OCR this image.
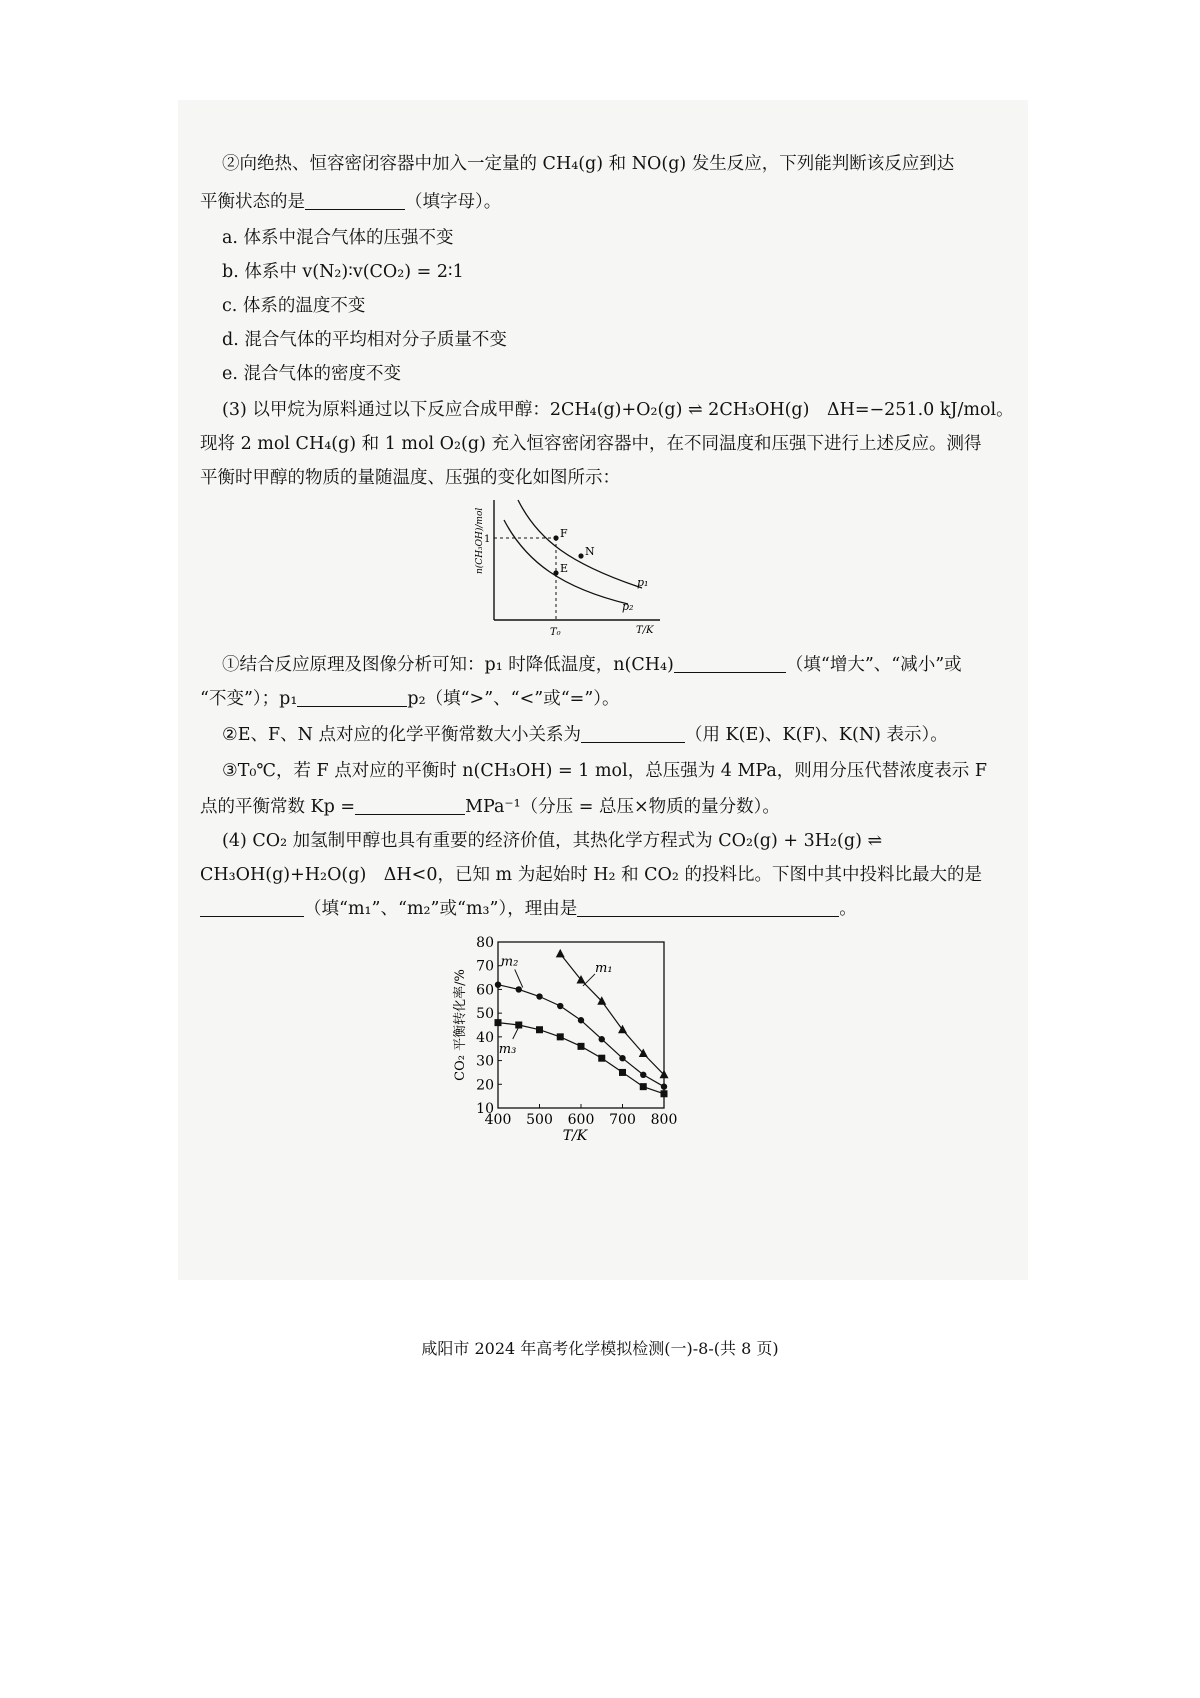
②向绝热、恒容密闭容器中加入一定量的 CH₄(g) 和 NO(g) 发生反应，下列能判断该反应到达
平衡状态的是	（填字母）。
a. 体系中混合气体的压强不变
b. 体系中 v(N₂)∶v(CO₂) = 2∶1
c. 体系的温度不变
d. 混合气体的平均相对分子质量不变
e. 混合气体的密度不变
(3) 以甲烷为原料通过以下反应合成甲醇：2CH₄(g)+O₂(g) ⇌ 2CH₃OH(g)　ΔH=−251.0 kJ/mol。
现将 2 mol CH₄(g) 和 1 mol O₂(g) 充入恒容密闭容器中，在不同温度和压强下进行上述反应。测得
平衡时甲醇的物质的量随温度、压强的变化如图所示：
F
E
N
p₁
p₂
1
T₀	T/K
n(CH₃OH)/mol
①结合反应原理及图像分析可知：p₁ 时降低温度，n(CH₄)	（填“增大”、“减小”或
“不变”）；p₁	p₂（填“>”、“<”或“=”）。
②E、F、N 点对应的化学平衡常数大小关系为	（用 K(E)、K(F)、K(N) 表示）。
③T₀℃，若 F 点对应的平衡时 n(CH₃OH) = 1 mol，总压强为 4 MPa，则用分压代替浓度表示 F
点的平衡常数 Kp =	MPa⁻¹（分压 = 总压×物质的量分数）。
(4) CO₂ 加氢制甲醇也具有重要的经济价值，其热化学方程式为 CO₂(g) + 3H₂(g) ⇌
CH₃OH(g)+H₂O(g)　ΔH<0，已知 m 为起始时 H₂ 和 CO₂ 的投料比。下图中其中投料比最大的是
（填“m₁”、“m₂”或“m₃”），理由是	。
10
20
30
40
50
60
70
80
400 500 600 700 800
T/K
CO₂ 平衡转化率/%
m₁
m₂
m₃
咸阳市 2024 年高考化学模拟检测(一)-8-(共 8 页)
